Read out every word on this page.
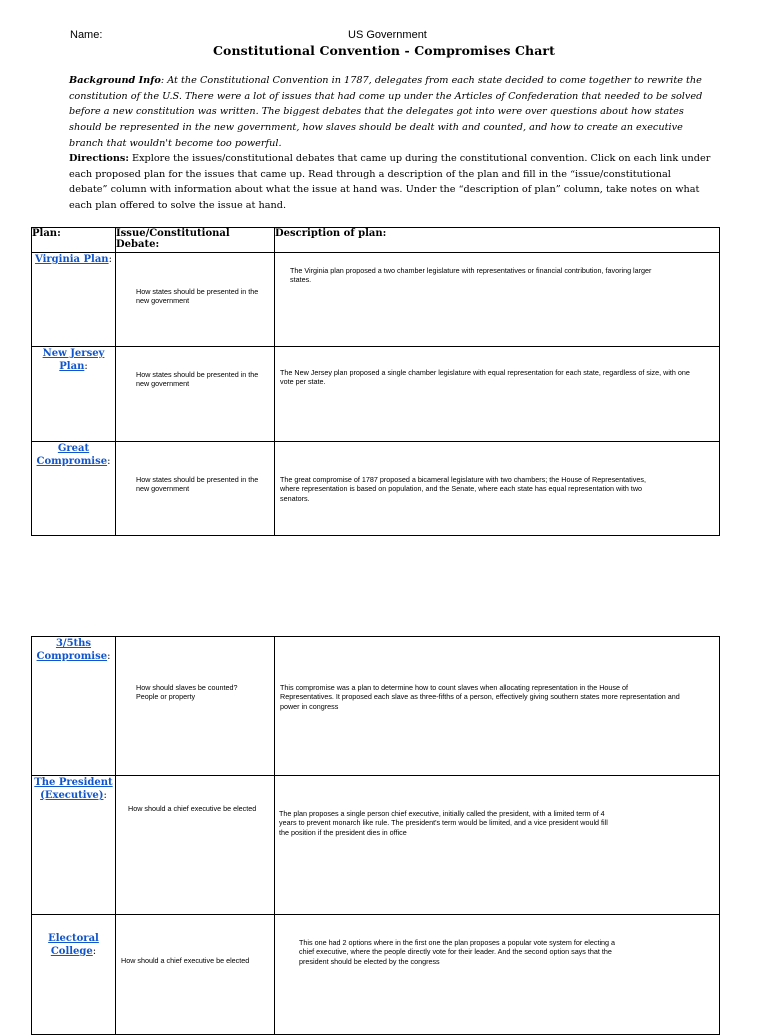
Name:	US Government
Constitutional Convention - Compromises Chart
Background Info: At the Constitutional Convention in 1787, delegates from each state decided to come together to rewrite the constitution of the U.S. There were a lot of issues that had come up under the Articles of Confederation that needed to be solved before a new constitution was written. The biggest debates that the delegates got into were over questions about how states should be represented in the new government, how slaves should be dealt with and counted, and how to create an executive branch that wouldn't become too powerful.
Directions: Explore the issues/constitutional debates that came up during the constitutional convention. Click on each link under each proposed plan for the issues that came up. Read through a description of the plan and fill in the “issue/constitutional debate” column with information about what the issue at hand was. Under the “description of plan” column, take notes on what each plan offered to solve the issue at hand.
Plan:	Issue/Constitutional Debate:	Description of plan:
Virginia Plan:	How states should be presented in the new government	The Virginia plan proposed a two chamber legislature with representatives or financial contribution, favoring larger states.

New Jersey Plan:	How states should be presented in the new government	The New Jersey plan proposed a single chamber legislature with equal representation for each state, regardless of size, with one vote per state.

Great Compromise:	How states should be presented in the new government	The great compromise of 1787 proposed a bicameral legislature with two chambers; the House of Representatives, where representation is based on population, and the Senate, where each state has equal representation with two senators.
3/5ths Compromise:	How should slaves be counted? People or property	This compromise was a plan to determine how to count slaves when allocating representation in the House of Representatives. It proposed each slave as three-fifths of a person, effectively giving southern states more representation and power in congress

The President (Executive):	How should a chief executive be elected	The plan proposes a single person chief executive, initially called the president, with a limited term of 4 years to prevent monarch like rule. The president's term would be limited, and a vice president would fill the position if the president dies in office

Electoral College:	How should a chief executive be elected	This one had 2 options where in the first one the plan proposes a popular vote system for electing a chief executive, where the people directly vote for their leader. And the second option says that the president should be elected by the congress
